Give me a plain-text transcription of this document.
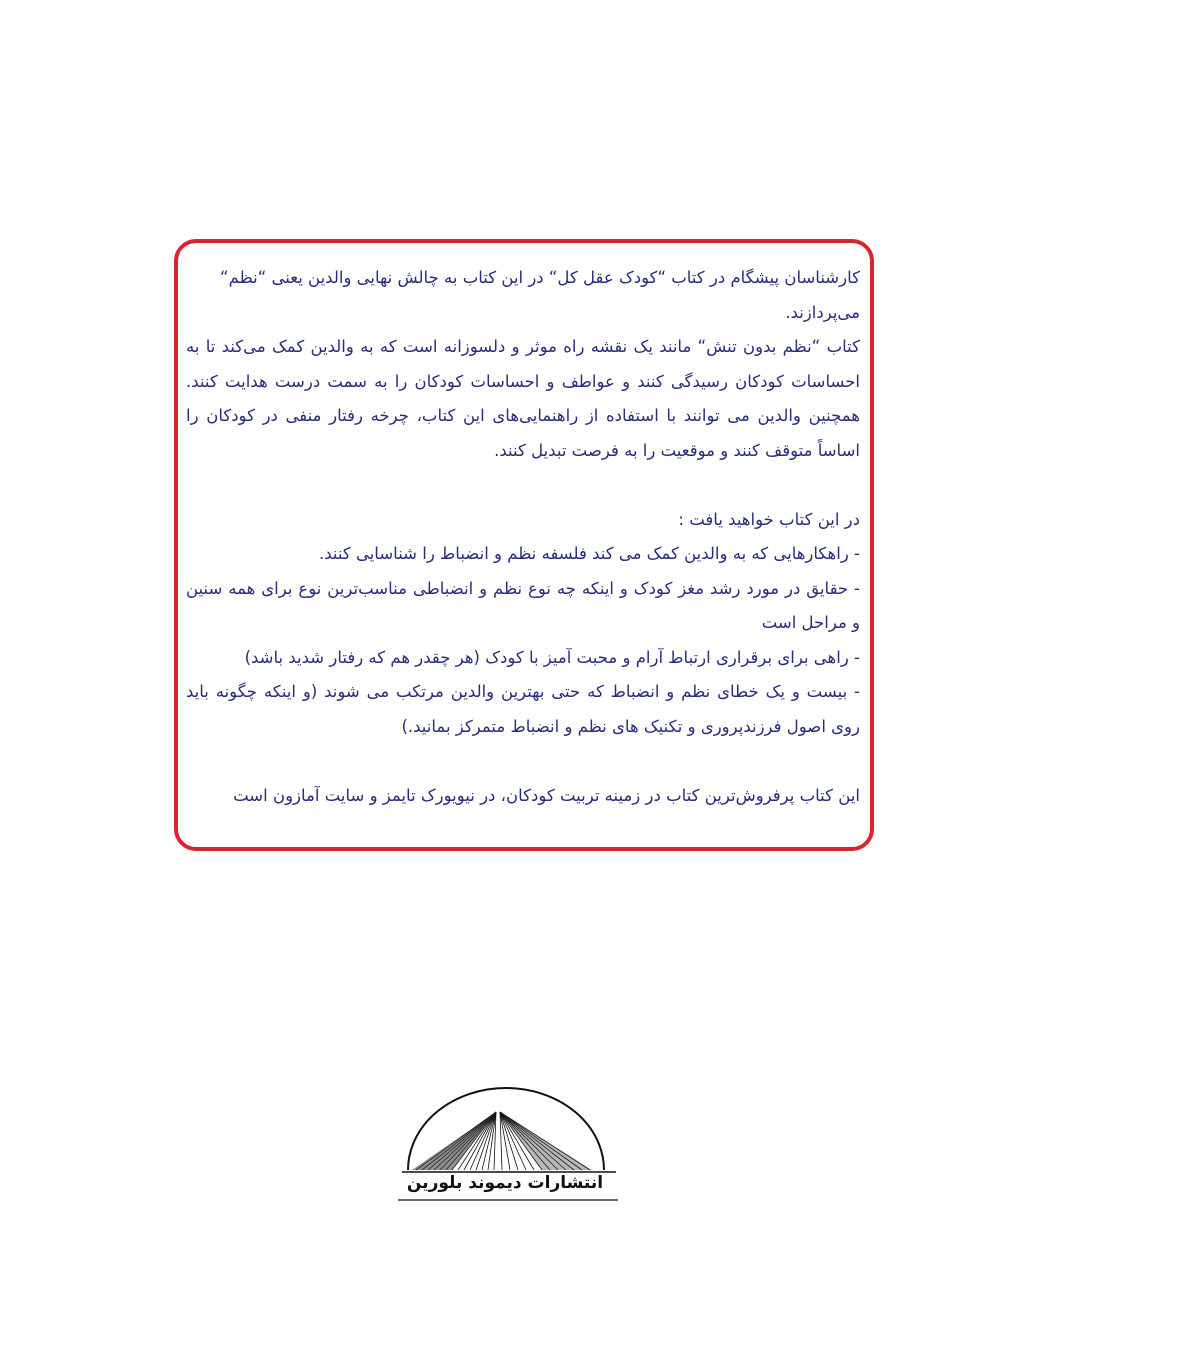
کارشناسان پیشگام در کتاب “کودک عقل کل“ در این کتاب به چالش نهایی والدین یعنی “نظم“

می‌پردازند.

کتاب “نظم بدون تنش“ مانند یک نقشه راه موثر و دلسوزانه است که به والدین کمک می‌کند تا به احساسات کودکان رسیدگی کنند و عواطف و احساسات کودکان را به سمت درست هدایت کنند. همچنین والدین می توانند با استفاده از راهنمایی‌های این کتاب، چرخه رفتار منفی در کودکان را اساساً متوقف کنند و موقعیت را به فرصت تبدیل کنند.

در این کتاب خواهید یافت :

- راهکارهایی که به والدین کمک می کند فلسفه نظم و انضباط را شناسایی کنند.

- حقایق در مورد رشد مغز کودک و اینکه چه نوع نظم و انضباطی مناسب‌ترین نوع برای همه سنین و مراحل است

- راهی برای برقراری ارتباط آرام و محبت آمیز با کودک (هر چقدر هم که رفتار شدید باشد)

- بیست و یک خطای نظم و انضباط که حتی بهترین والدین مرتکب می شوند (و اینکه چگونه باید روی اصول فرزندپروری و تکنیک های نظم و انضباط متمرکز بمانید.)

این کتاب پرفروش‌ترین کتاب در زمینه تربیت کودکان، در نیویورک تایمز و سایت آمازون است

انتشارات دیموند بلورین
